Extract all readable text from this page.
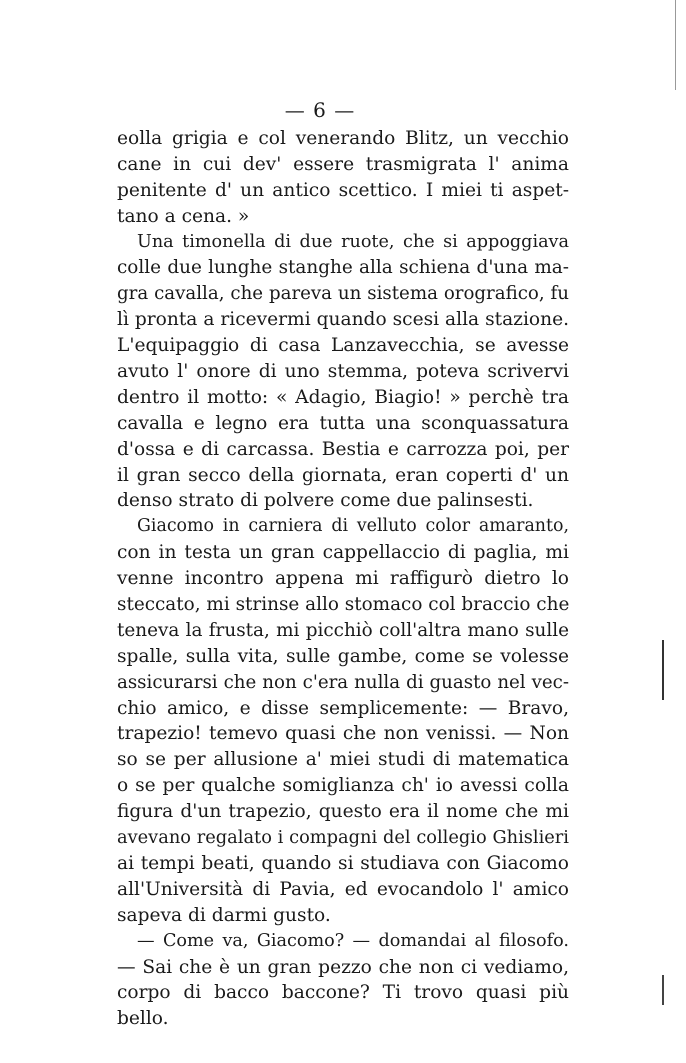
— 6 —
eolla grigia e col venerando Blitz, un vecchio
cane in cui dev' essere trasmigrata l' anima
penitente d' un antico scettico. I miei ti aspet-
tano a cena. »
Una timonella di due ruote, che si appoggiava
colle due lunghe stanghe alla schiena d'una ma-
gra cavalla, che pareva un sistema orografico, fu
lì pronta a ricevermi quando scesi alla stazione.
L'equipaggio di casa Lanzavecchia, se avesse
avuto l' onore di uno stemma, poteva scrivervi
dentro il motto: « Adagio, Biagio! » perchè tra
cavalla e legno era tutta una sconquassatura
d'ossa e di carcassa. Bestia e carrozza poi, per
il gran secco della giornata, eran coperti d' un
denso strato di polvere come due palinsesti.
Giacomo in carniera di velluto color amaranto,
con in testa un gran cappellaccio di paglia, mi
venne incontro appena mi raffigurò dietro lo
steccato, mi strinse allo stomaco col braccio che
teneva la frusta, mi picchiò coll'altra mano sulle
spalle, sulla vita, sulle gambe, come se volesse
assicurarsi che non c'era nulla di guasto nel vec-
chio amico, e disse semplicemente: — Bravo,
trapezio! temevo quasi che non venissi. — Non
so se per allusione a' miei studi di matematica
o se per qualche somiglianza ch' io avessi colla
figura d'un trapezio, questo era il nome che mi
avevano regalato i compagni del collegio Ghislieri
ai tempi beati, quando si studiava con Giacomo
all'Università di Pavia, ed evocandolo l' amico
sapeva di darmi gusto.
— Come va, Giacomo? — domandai al filosofo.
— Sai che è un gran pezzo che non ci vediamo,
corpo di bacco baccone? Ti trovo quasi più
bello.
